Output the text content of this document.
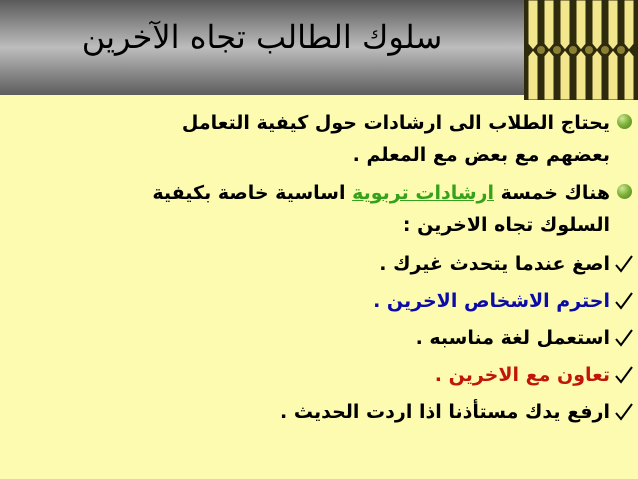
سلوك الطالب تجاه الآخرين
يحتاج الطلاب الى ارشادات حول كيفية التعامل
بعضهم مع بعض مع المعلم .
هناك خمسة ارشادات تربوية اساسية خاصة بكيفية
السلوك تجاه الاخرين :
اصغ عندما يتحدث غيرك .
احترم الاشخاص الاخرين .
استعمل لغة مناسبه .
تعاون مع الاخرين .
ارفع يدك مستأذنا اذا اردت الحديث .
